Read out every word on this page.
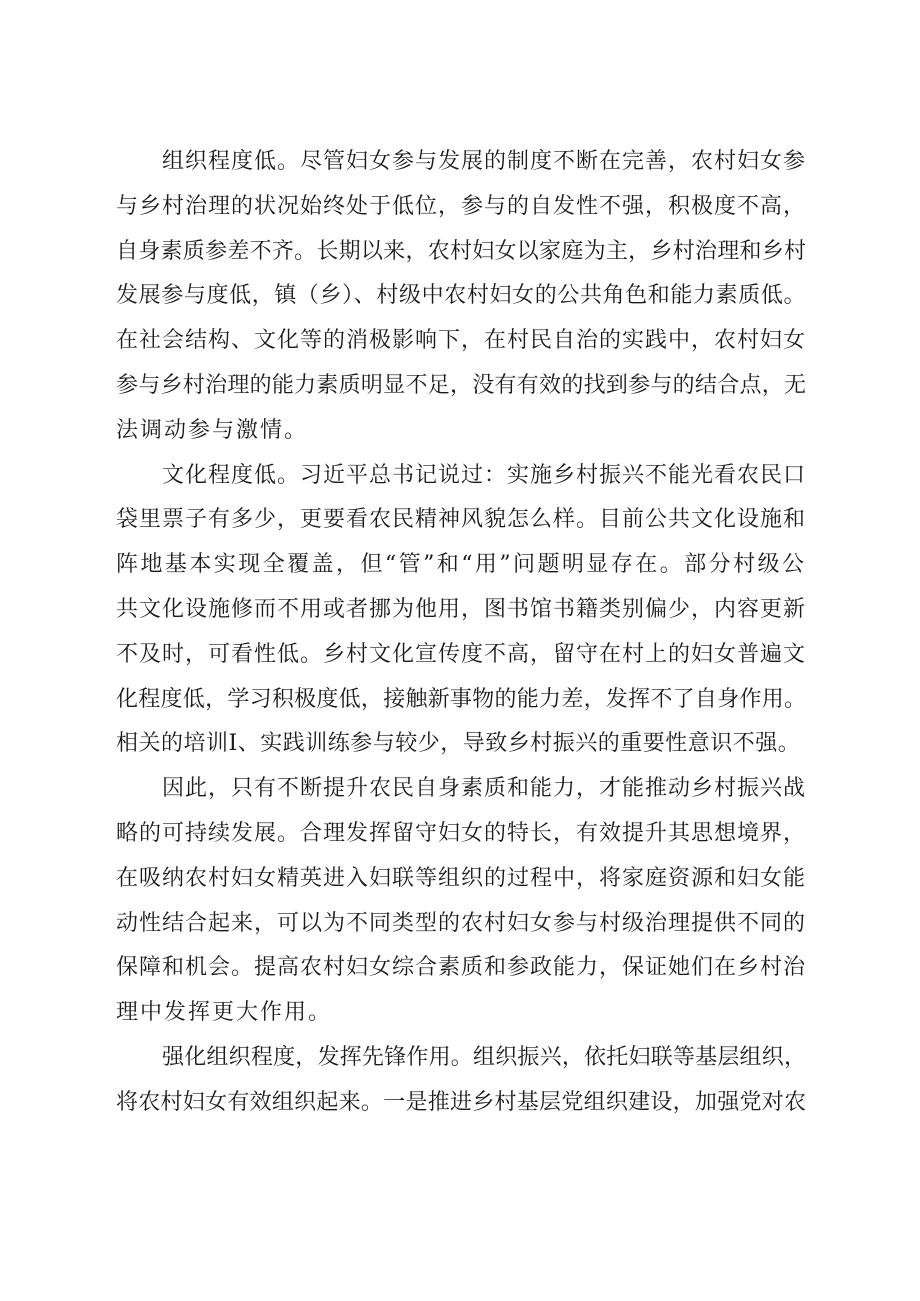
组织程度低。尽管妇女参与发展的制度不断在完善，农村妇女参
与乡村治理的状况始终处于低位，参与的自发性不强，积极度不高，
自身素质参差不齐。长期以来，农村妇女以家庭为主，乡村治理和乡村
发展参与度低，镇（乡）、村级中农村妇女的公共角色和能力素质低。
在社会结构、文化等的消极影响下，在村民自治的实践中，农村妇女
参与乡村治理的能力素质明显不足，没有有效的找到参与的结合点，无
法调动参与激情。

文化程度低。习近平总书记说过：实施乡村振兴不能光看农民口
袋里票子有多少，更要看农民精神风貌怎么样。目前公共文化设施和
阵地基本实现全覆盖，但“管”和“用”问题明显存在。部分村级公
共文化设施修而不用或者挪为他用，图书馆书籍类别偏少，内容更新
不及时，可看性低。乡村文化宣传度不高，留守在村上的妇女普遍文
化程度低，学习积极度低，接触新事物的能力差，发挥不了自身作用。
相关的培训I、实践训练参与较少，导致乡村振兴的重要性意识不强。

因此，只有不断提升农民自身素质和能力，才能推动乡村振兴战
略的可持续发展。合理发挥留守妇女的特长，有效提升其思想境界，
在吸纳农村妇女精英进入妇联等组织的过程中，将家庭资源和妇女能
动性结合起来，可以为不同类型的农村妇女参与村级治理提供不同的
保障和机会。提高农村妇女综合素质和参政能力，保证她们在乡村治
理中发挥更大作用。

强化组织程度，发挥先锋作用。组织振兴，依托妇联等基层组织，
将农村妇女有效组织起来。一是推进乡村基层党组织建设，加强党对农
